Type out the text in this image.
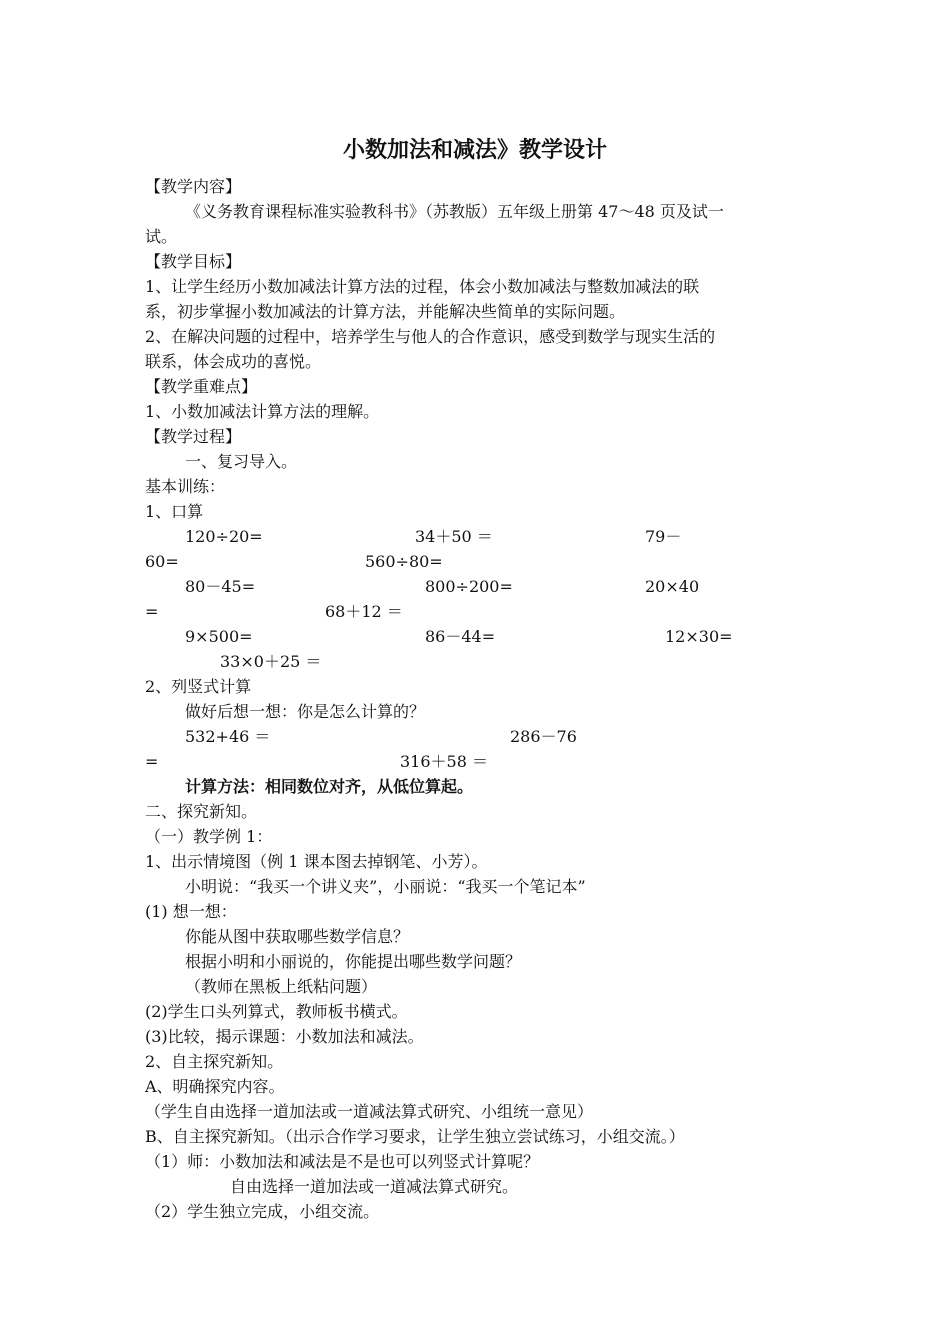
小数加法和减法》教学设计
【教学内容】
《义务教育课程标准实验教科书》（苏教版）五年级上册第 47～48 页及试一
试。
【教学目标】
1、让学生经历小数加减法计算方法的过程，体会小数加减法与整数加减法的联
系，初步掌握小数加减法的计算方法，并能解决些简单的实际问题。
2、在解决问题的过程中，培养学生与他人的合作意识，感受到数学与现实生活的
联系，体会成功的喜悦。
【教学重难点】
1、小数加减法计算方法的理解。
【教学过程】
一、复习导入。
基本训练：
1、口算
120÷20=	34＋50 ＝	79－
60=	560÷80=
80－45=	800÷200=	20×40
=	68＋12 ＝
9×500=	86－44=	12×30=
33×0＋25 ＝
2、列竖式计算
做好后想一想：你是怎么计算的？
532+46 ＝	286－76
=	316＋58 ＝
计算方法：相同数位对齐，从低位算起。
二、探究新知。
（一）教学例 1：
1、出示情境图（例 1 课本图去掉钢笔、小芳）。
小明说：“我买一个讲义夹”，小丽说：“我买一个笔记本”
(1) 想一想：
你能从图中获取哪些数学信息？
根据小明和小丽说的，你能提出哪些数学问题？
（教师在黑板上纸粘问题）
(2)学生口头列算式，教师板书横式。
(3)比较，揭示课题：小数加法和减法。
2、自主探究新知。
A、明确探究内容。
（学生自由选择一道加法或一道减法算式研究、小组统一意见）
B、自主探究新知。（出示合作学习要求，让学生独立尝试练习，小组交流。）
（1）师：小数加法和减法是不是也可以列竖式计算呢？
自由选择一道加法或一道减法算式研究。
（2）学生独立完成，小组交流。
